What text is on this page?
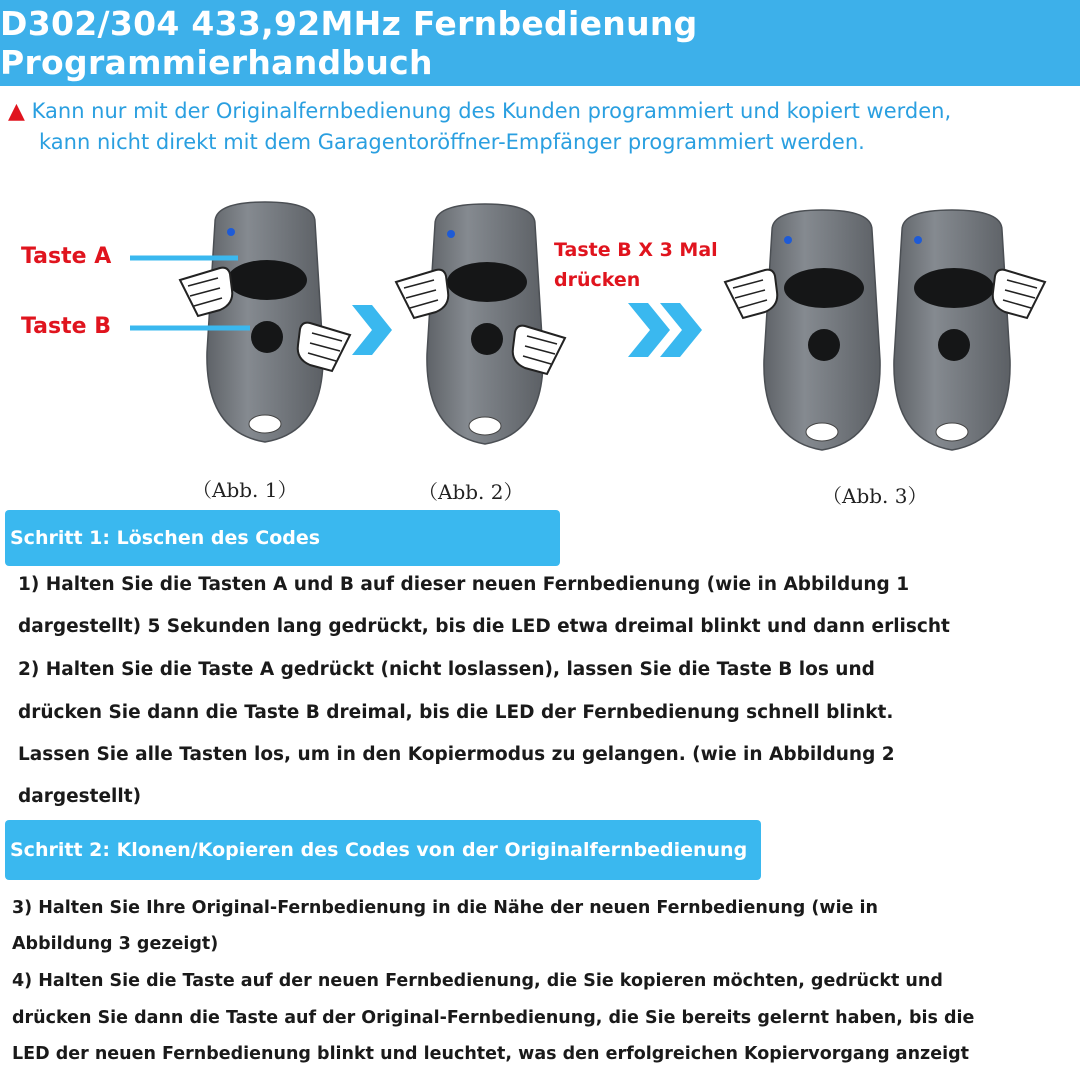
D302/304 433,92MHz Fernbedienung Programmierhandbuch
▲ Kann nur mit der Originalfernbedienung des Kunden programmiert und kopiert werden,
kann nicht direkt mit dem Garagentoröffner-Empfänger programmiert werden.
Taste A
Taste B
Taste B X 3 Mal
drücken
（Abb. 1）	（Abb. 2）	（Abb. 3）
Schritt 1: Löschen des Codes
1) Halten Sie die Tasten A und B auf dieser neuen Fernbedienung (wie in Abbildung 1
dargestellt) 5 Sekunden lang gedrückt, bis die LED etwa dreimal blinkt und dann erlischt
2) Halten Sie die Taste A gedrückt (nicht loslassen), lassen Sie die Taste B los und
drücken Sie dann die Taste B dreimal, bis die LED der Fernbedienung schnell blinkt.
Lassen Sie alle Tasten los, um in den Kopiermodus zu gelangen. (wie in Abbildung 2
dargestellt)
Schritt 2: Klonen/Kopieren des Codes von der Originalfernbedienung
3) Halten Sie Ihre Original-Fernbedienung in die Nähe der neuen Fernbedienung (wie in
Abbildung 3 gezeigt)
4) Halten Sie die Taste auf der neuen Fernbedienung, die Sie kopieren möchten, gedrückt und
drücken Sie dann die Taste auf der Original-Fernbedienung, die Sie bereits gelernt haben, bis die
LED der neuen Fernbedienung blinkt und leuchtet, was den erfolgreichen Kopiervorgang anzeigt
